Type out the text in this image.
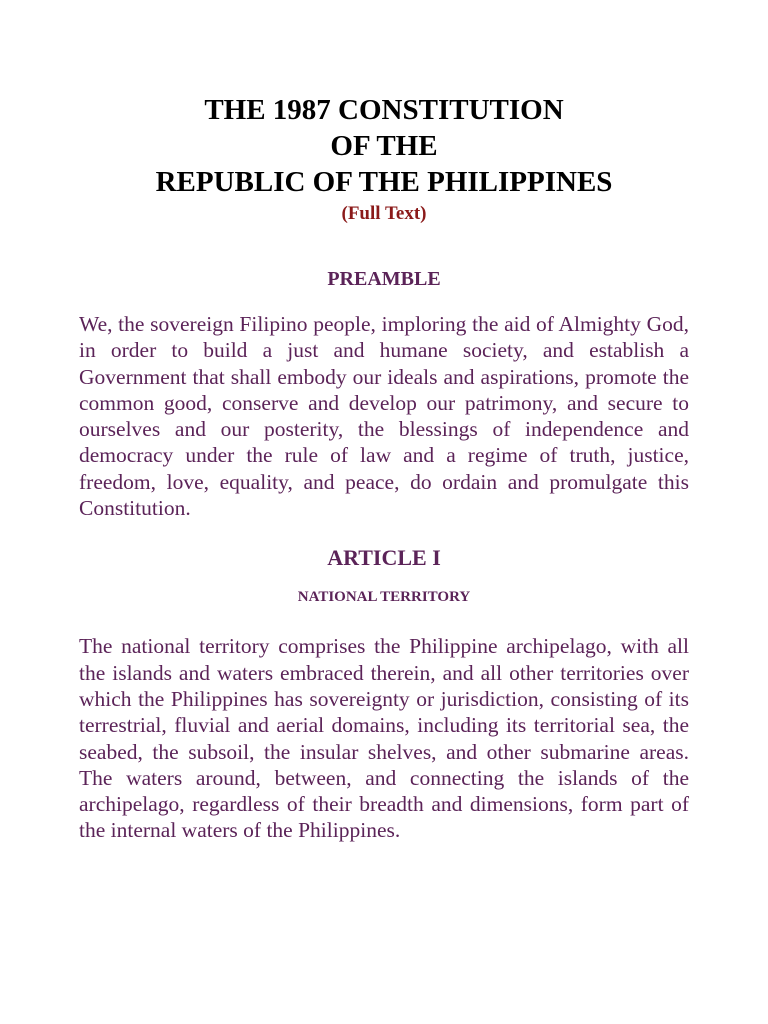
THE 1987 CONSTITUTION
OF THE
REPUBLIC OF THE PHILIPPINES
(Full Text)
PREAMBLE

We, the sovereign Filipino people, imploring the aid of Almighty God, in order to build a just and humane society, and establish a Government that shall embody our ideals and aspirations, promote the common good, conserve and develop our patrimony, and secure to ourselves and our posterity, the blessings of independence and democracy under the rule of law and a regime of truth, justice, freedom, love, equality, and peace, do ordain and promulgate this Constitution.

ARTICLE I
NATIONAL TERRITORY

The national territory comprises the Philippine archipelago, with all the islands and waters embraced therein, and all other territories over which the Philippines has sovereignty or jurisdiction, consisting of its terrestrial, fluvial and aerial domains, including its territorial sea, the seabed, the subsoil, the insular shelves, and other submarine areas. The waters around, between, and connecting the islands of the archipelago, regardless of their breadth and dimensions, form part of the internal waters of the Philippines.
